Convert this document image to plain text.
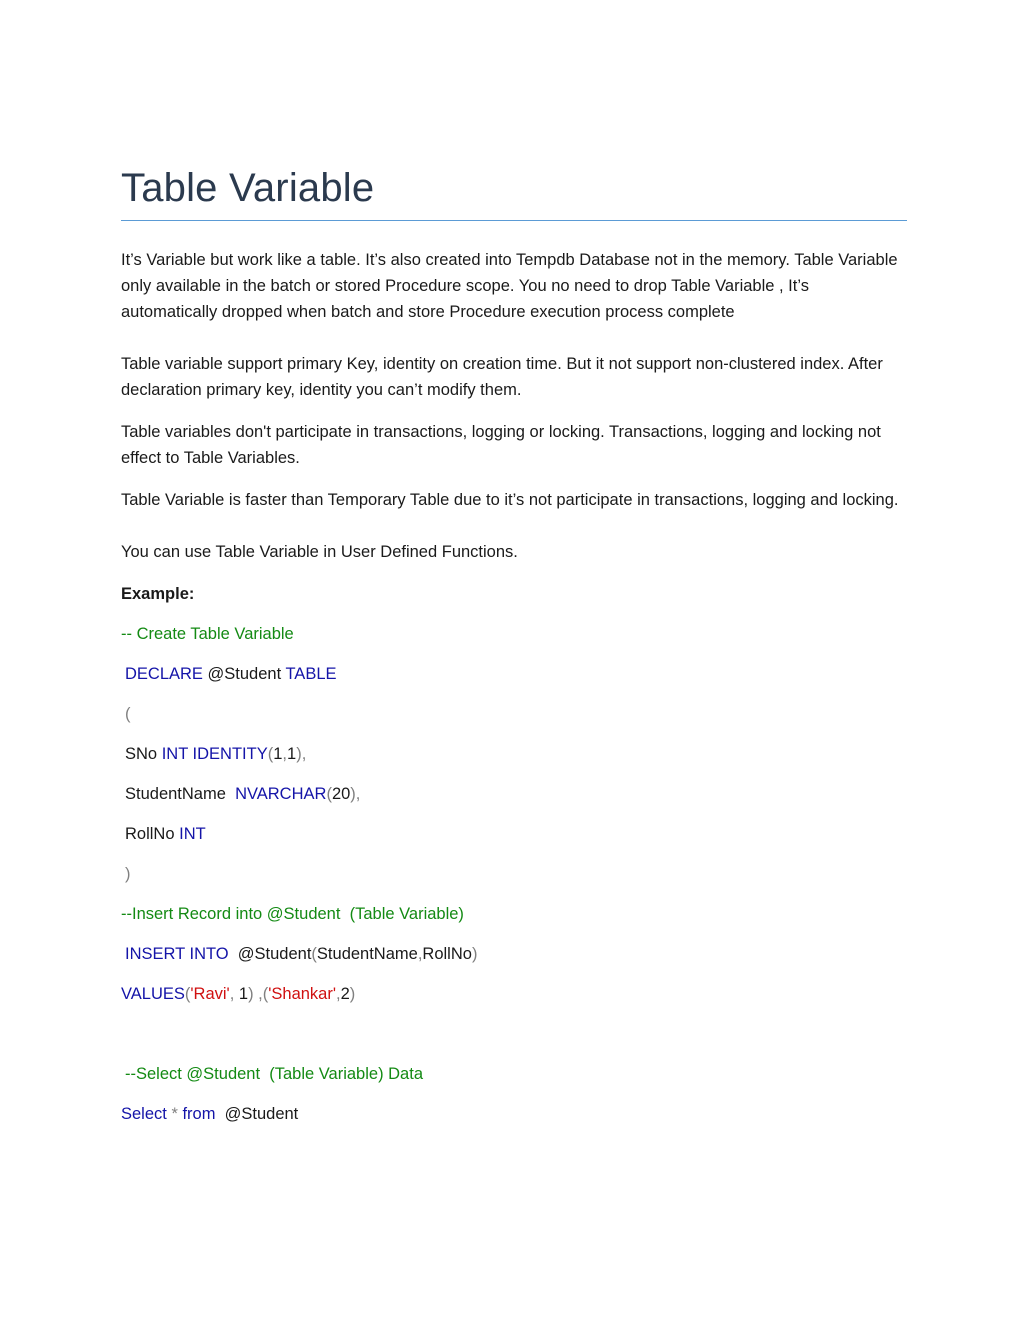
Table Variable

It’s Variable but work like a table. It’s also created into Tempdb Database not in the memory. Table Variable only available in the batch or stored Procedure scope. You no need to drop Table Variable , It’s automatically dropped when batch and store Procedure execution process complete

Table variable support primary Key, identity on creation time. But it not support non-clustered index. After declaration primary key, identity you can’t modify them.

Table variables don't participate in transactions, logging or locking. Transactions, logging and locking not effect to Table Variables.

Table Variable is faster than Temporary Table due to it’s not participate in transactions, logging and locking.

You can use Table Variable in User Defined Functions.

Example:

-- Create Table Variable
DECLARE @Student TABLE
(
SNo INT IDENTITY(1,1),
StudentName  NVARCHAR(20),
RollNo INT
)
--Insert Record into @Student  (Table Variable)
INSERT INTO  @Student(StudentName,RollNo)
VALUES('Ravi', 1) ,('Shankar',2)
--Select @Student  (Table Variable) Data
Select * from  @Student
